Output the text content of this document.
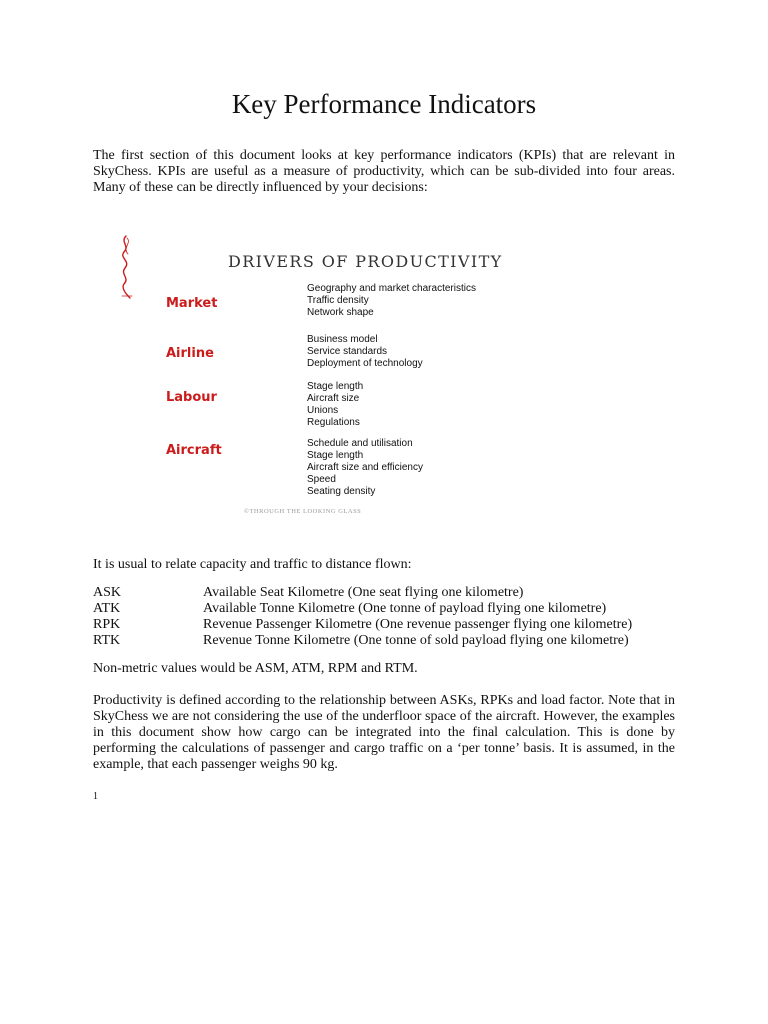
Key Performance Indicators

The first section of this document looks at key performance indicators (KPIs) that are relevant in SkyChess. KPIs are useful as a measure of productivity, which can be sub-divided into four areas. Many of these can be directly influenced by your decisions:

DRIVERS OF PRODUCTIVITY
Market
Geography and market characteristics
Traffic density
Network shape
Airline
Business model
Service standards
Deployment of technology
Labour
Stage length
Aircraft size
Unions
Regulations
Aircraft	Schedule and utilisation
Stage length
Aircraft size and efficiency
Speed
Seating density
©THROUGH THE LOOKING GLASS

It is usual to relate capacity and traffic to distance flown:

ASK	Available Seat Kilometre (One seat flying one kilometre)
ATK	Available Tonne Kilometre (One tonne of payload flying one kilometre)
RPK	Revenue Passenger Kilometre (One revenue passenger flying one kilometre)
RTK	Revenue Tonne Kilometre (One tonne of sold payload flying one kilometre)

Non-metric values would be ASM, ATM, RPM and RTM.

Productivity is defined according to the relationship between ASKs, RPKs and load factor. Note that in SkyChess we are not considering the use of the underfloor space of the aircraft. However, the examples in this document show how cargo can be integrated into the final calculation. This is done by performing the calculations of passenger and cargo traffic on a ‘per tonne’ basis. It is assumed, in the example, that each passenger weighs 90 kg.

1
